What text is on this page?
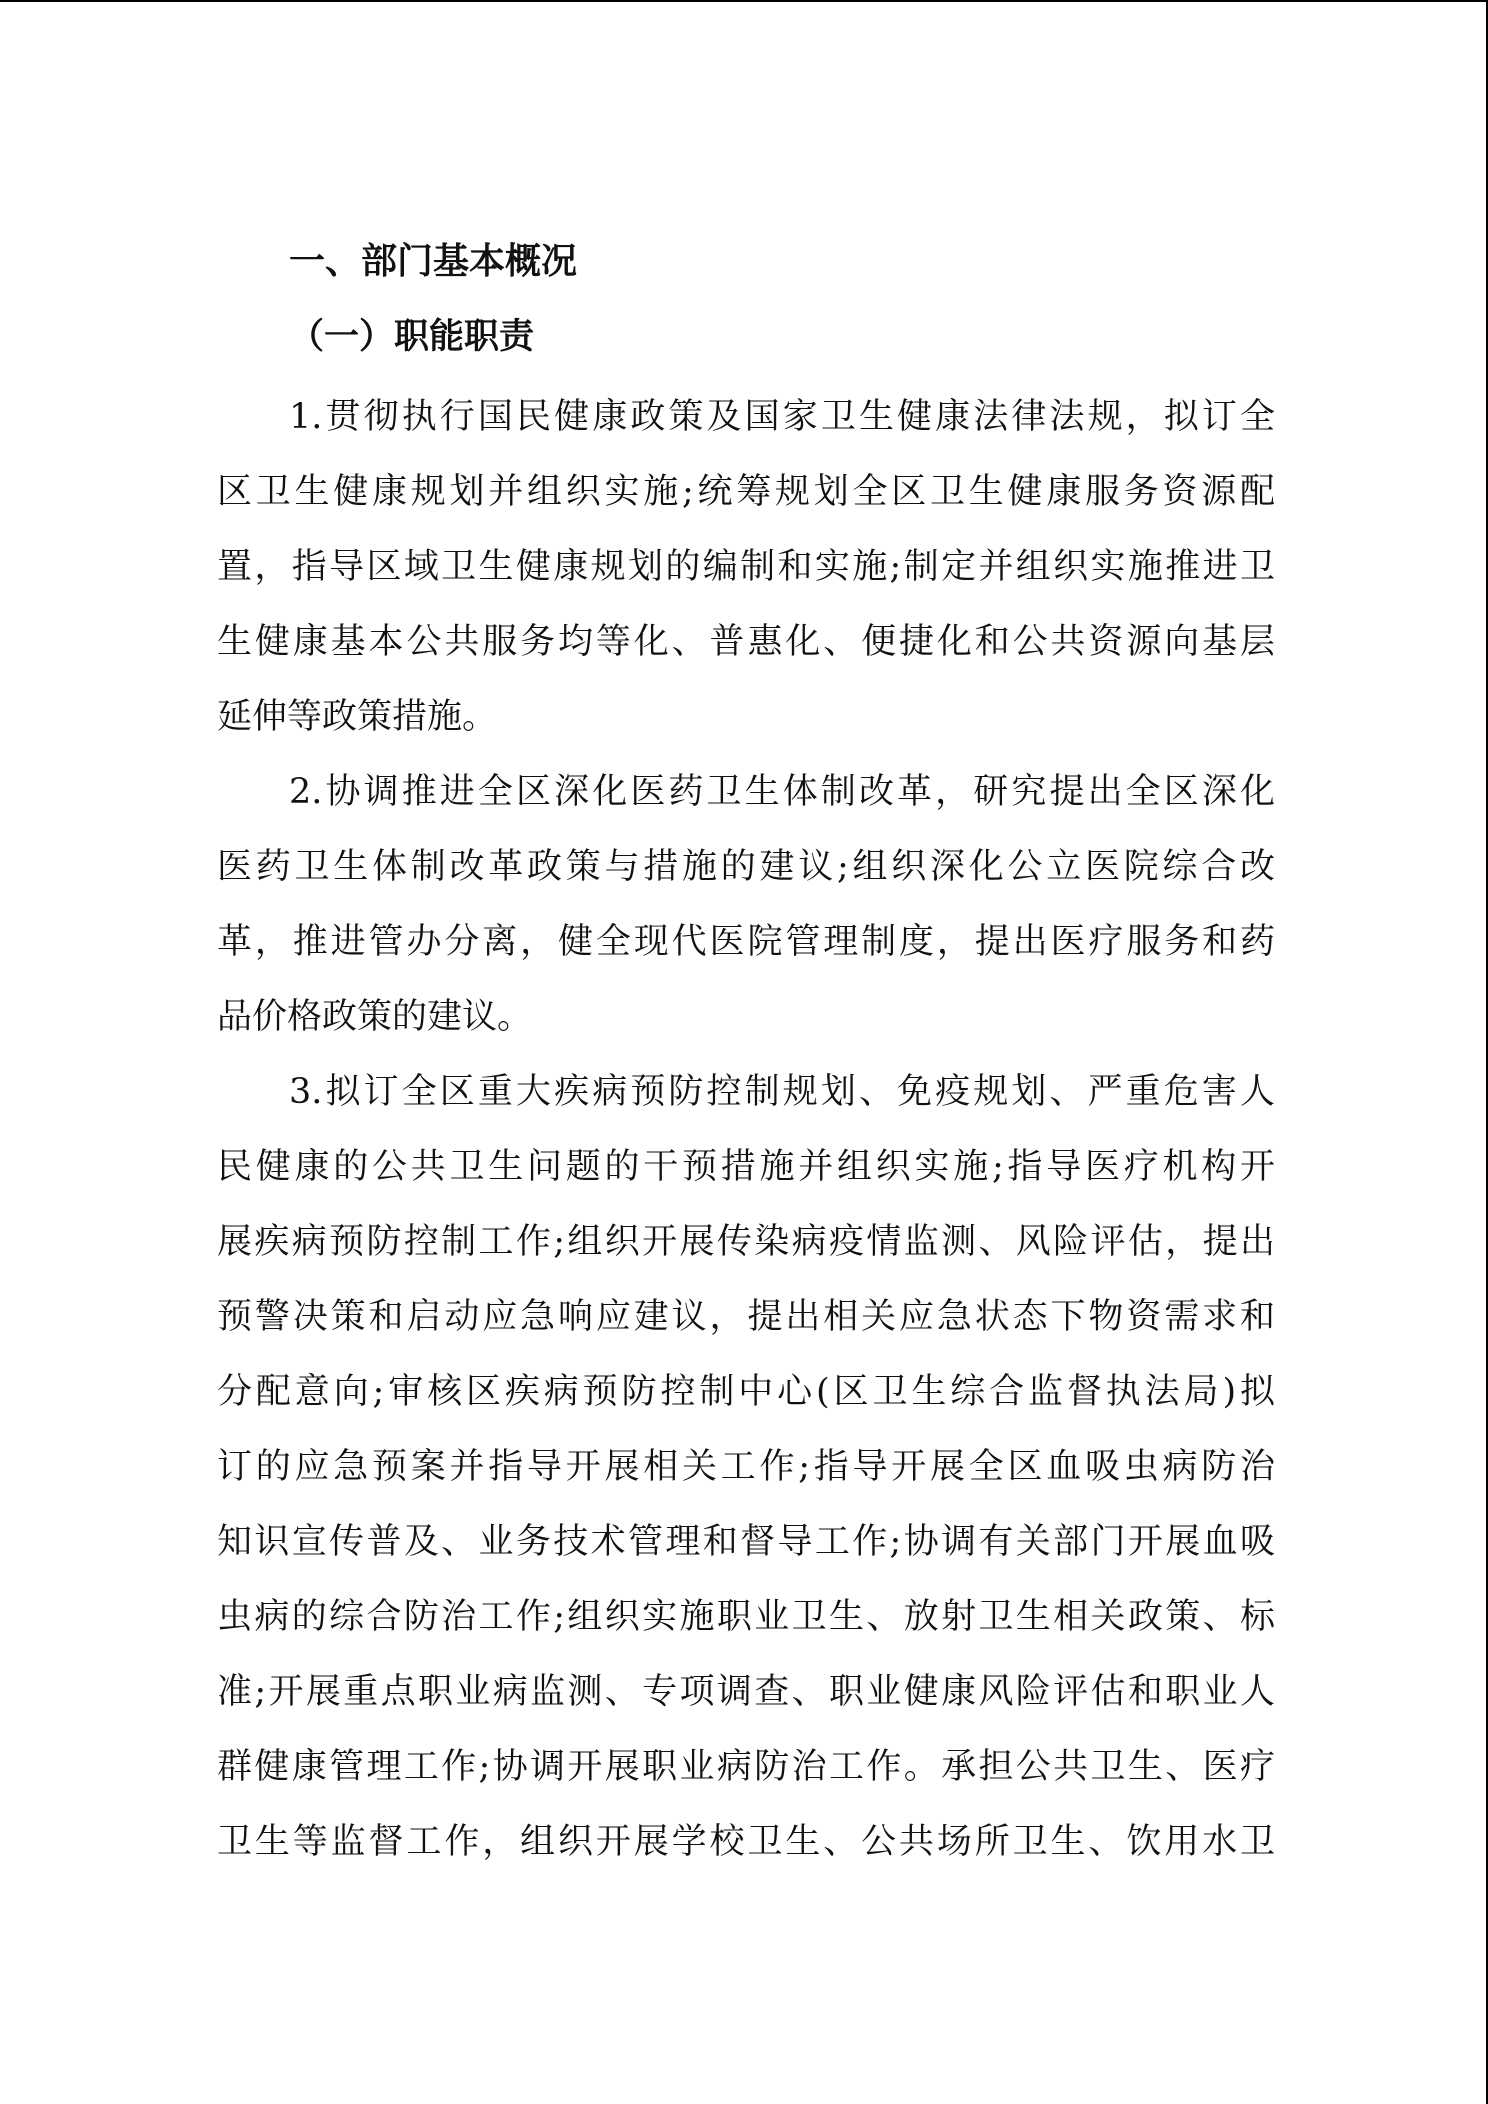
一、部门基本概况
（一）职能职责

1.贯彻执行国民健康政策及国家卫生健康法律法规，拟订全

区卫生健康规划并组织实施;统筹规划全区卫生健康服务资源配

置，指导区域卫生健康规划的编制和实施;制定并组织实施推进卫

生健康基本公共服务均等化、普惠化、便捷化和公共资源向基层

延伸等政策措施。

2.协调推进全区深化医药卫生体制改革，研究提出全区深化

医药卫生体制改革政策与措施的建议;组织深化公立医院综合改

革，推进管办分离，健全现代医院管理制度，提出医疗服务和药

品价格政策的建议。

3.拟订全区重大疾病预防控制规划、免疫规划、严重危害人

民健康的公共卫生问题的干预措施并组织实施;指导医疗机构开

展疾病预防控制工作;组织开展传染病疫情监测、风险评估，提出

预警决策和启动应急响应建议，提出相关应急状态下物资需求和

分配意向;审核区疾病预防控制中心(区卫生综合监督执法局)拟

订的应急预案并指导开展相关工作;指导开展全区血吸虫病防治

知识宣传普及、业务技术管理和督导工作;协调有关部门开展血吸

虫病的综合防治工作;组织实施职业卫生、放射卫生相关政策、标

准;开展重点职业病监测、专项调查、职业健康风险评估和职业人

群健康管理工作;协调开展职业病防治工作。承担公共卫生、医疗

卫生等监督工作，组织开展学校卫生、公共场所卫生、饮用水卫
